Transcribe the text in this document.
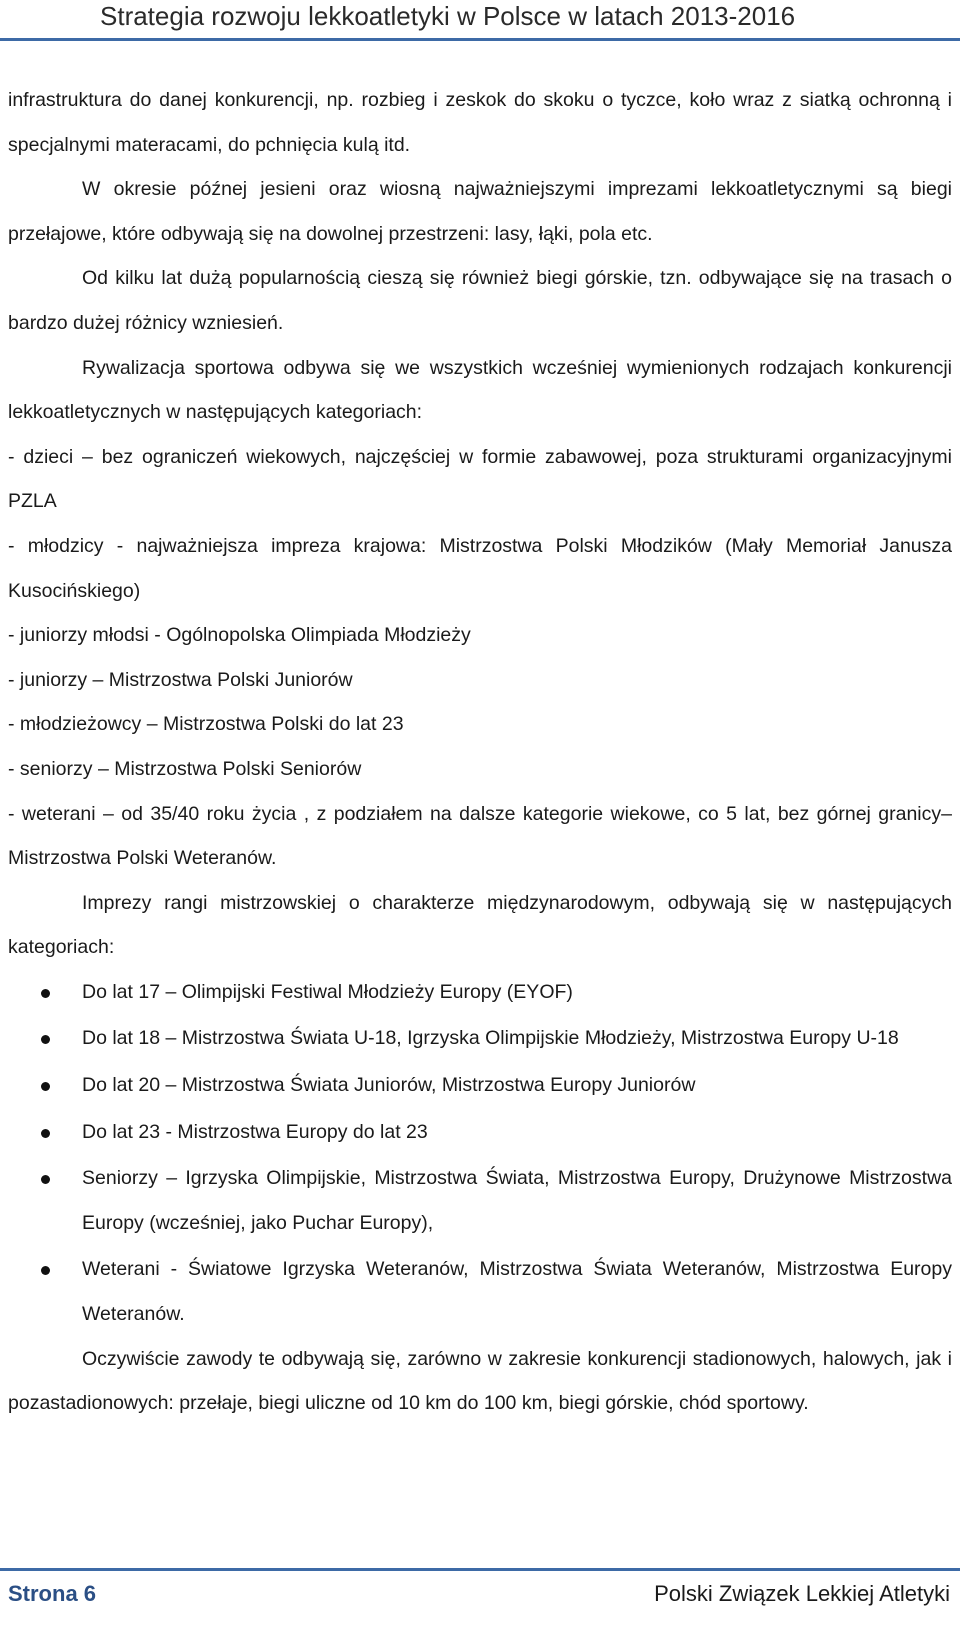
Strategia rozwoju lekkoatletyki w Polsce w latach 2013-2016

infrastruktura do danej konkurencji, np. rozbieg i zeskok do skoku o tyczce, koło wraz z siatką ochronną i specjalnymi materacami, do pchnięcia kulą itd.

W okresie późnej jesieni oraz wiosną najważniejszymi imprezami lekkoatletycznymi są biegi przełajowe, które odbywają się na dowolnej przestrzeni: lasy, łąki, pola etc.

Od kilku lat dużą popularnością cieszą się również biegi górskie, tzn. odbywające się na trasach o bardzo dużej różnicy wzniesień.

Rywalizacja sportowa odbywa się we wszystkich wcześniej wymienionych rodzajach konkurencji lekkoatletycznych w następujących kategoriach:

- dzieci – bez ograniczeń wiekowych, najczęściej w formie zabawowej, poza strukturami organizacyjnymi PZLA

- młodzicy - najważniejsza impreza krajowa: Mistrzostwa Polski Młodzików (Mały Memoriał Janusza Kusocińskiego)

- juniorzy młodsi - Ogólnopolska Olimpiada Młodzieży

- juniorzy – Mistrzostwa Polski Juniorów

- młodzieżowcy – Mistrzostwa Polski do lat 23

- seniorzy – Mistrzostwa Polski Seniorów

- weterani – od 35/40 roku życia , z podziałem na dalsze kategorie wiekowe, co 5 lat, bez górnej granicy– Mistrzostwa Polski Weteranów.

Imprezy rangi mistrzowskiej o charakterze międzynarodowym, odbywają się w następujących kategoriach:

Do lat 17 – Olimpijski Festiwal Młodzieży Europy (EYOF)
Do lat 18 – Mistrzostwa Świata U-18, Igrzyska Olimpijskie Młodzieży, Mistrzostwa Europy U-18
Do lat 20 – Mistrzostwa Świata Juniorów, Mistrzostwa Europy Juniorów
Do lat 23 - Mistrzostwa Europy do lat 23
Seniorzy – Igrzyska Olimpijskie, Mistrzostwa Świata, Mistrzostwa Europy, Drużynowe Mistrzostwa Europy (wcześniej, jako Puchar Europy),
Weterani - Światowe Igrzyska Weteranów, Mistrzostwa Świata Weteranów, Mistrzostwa Europy Weteranów.

Oczywiście zawody te odbywają się, zarówno w zakresie konkurencji stadionowych, halowych, jak i pozastadionowych: przełaje, biegi uliczne od 10 km do 100 km, biegi górskie, chód sportowy.

Strona 6	Polski Związek Lekkiej Atletyki
